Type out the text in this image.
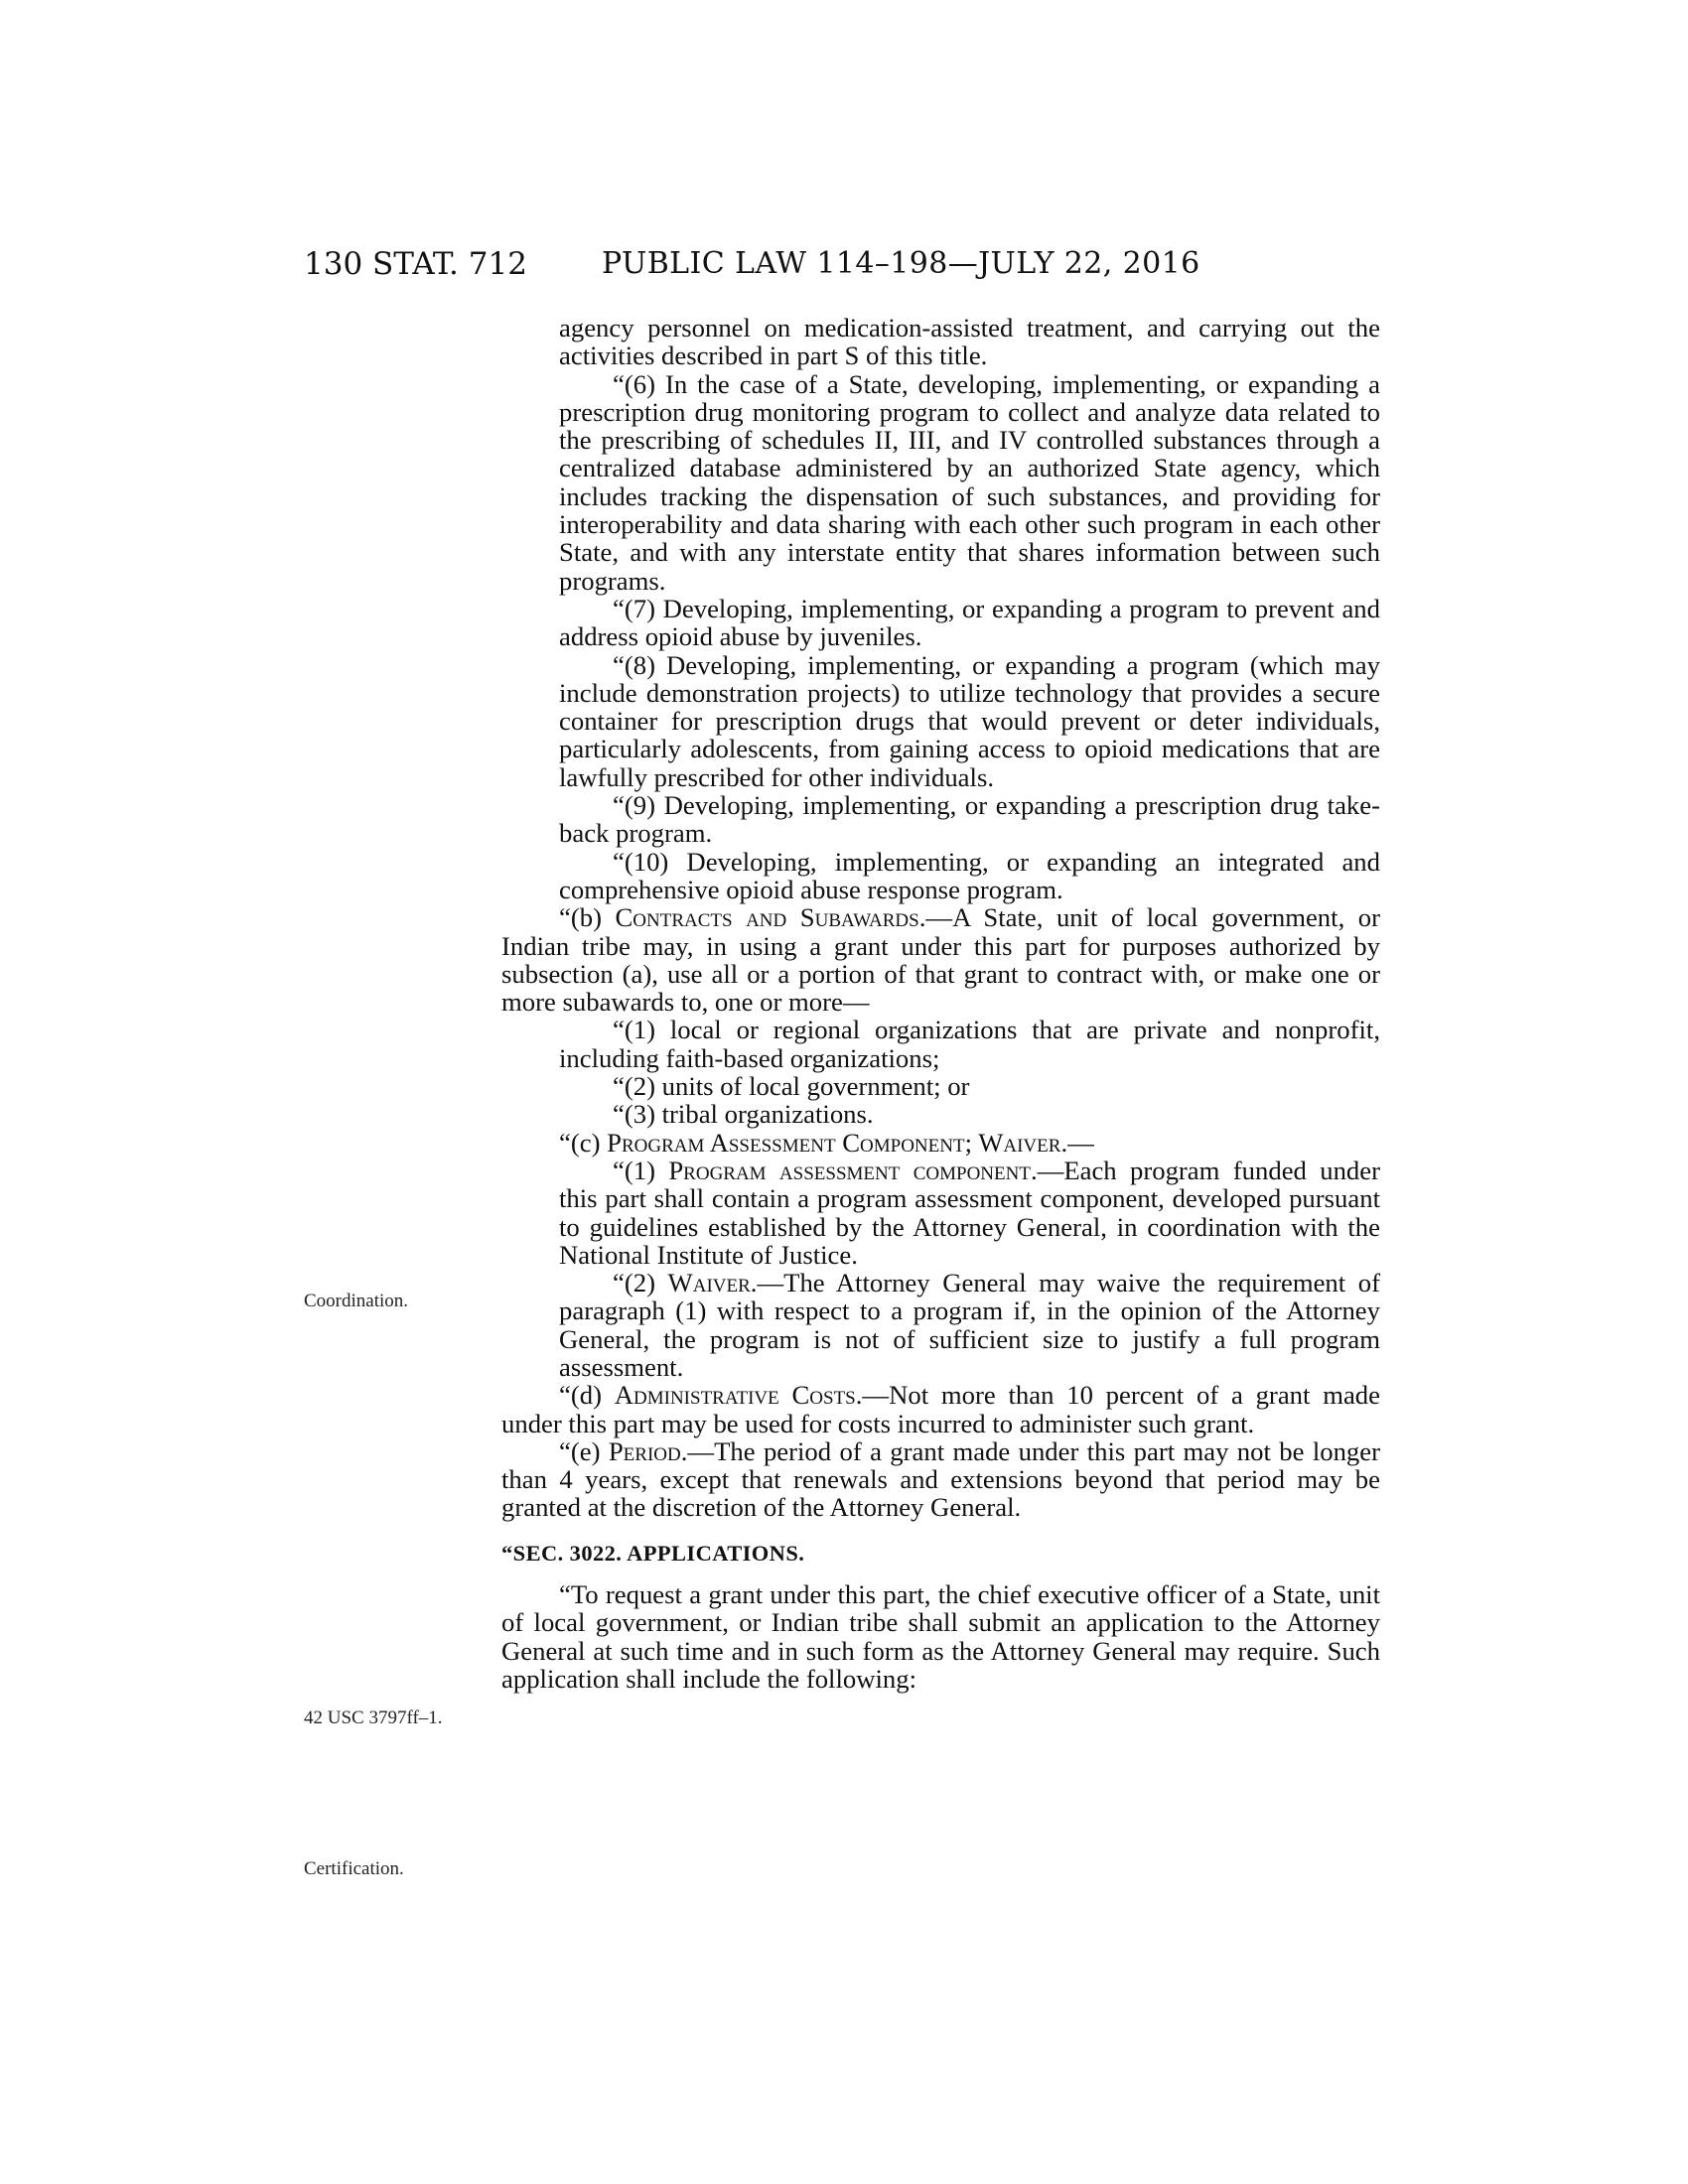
130 STAT. 712	PUBLIC LAW 114–198—JULY 22, 2016
Coordination.
42 USC 3797ff–1.
Certification.

agency personnel on medication-assisted treatment, and carrying out the activities described in part S of this title.

“(6) In the case of a State, developing, implementing, or expanding a prescription drug monitoring program to collect and analyze data related to the prescribing of schedules II, III, and IV controlled substances through a centralized database administered by an authorized State agency, which includes tracking the dispensation of such substances, and providing for interoperability and data sharing with each other such program in each other State, and with any interstate entity that shares information between such programs.

“(7) Developing, implementing, or expanding a program to prevent and address opioid abuse by juveniles.

“(8) Developing, implementing, or expanding a program (which may include demonstration projects) to utilize technology that provides a secure container for prescription drugs that would prevent or deter individuals, particularly adolescents, from gaining access to opioid medications that are lawfully prescribed for other individuals.

“(9) Developing, implementing, or expanding a prescription drug take-back program.

“(10) Developing, implementing, or expanding an integrated and comprehensive opioid abuse response program.

“(b) Contracts and Subawards.—A State, unit of local government, or Indian tribe may, in using a grant under this part for purposes authorized by subsection (a), use all or a portion of that grant to contract with, or make one or more subawards to, one or more—

“(1) local or regional organizations that are private and nonprofit, including faith-based organizations;

“(2) units of local government; or

“(3) tribal organizations.

“(c) Program Assessment Component; Waiver.—

“(1) Program assessment component.—Each program funded under this part shall contain a program assessment component, developed pursuant to guidelines established by the Attorney General, in coordination with the National Institute of Justice.

“(2) Waiver.—The Attorney General may waive the requirement of paragraph (1) with respect to a program if, in the opinion of the Attorney General, the program is not of sufficient size to justify a full program assessment.

“(d) Administrative Costs.—Not more than 10 percent of a grant made under this part may be used for costs incurred to administer such grant.

“(e) Period.—The period of a grant made under this part may not be longer than 4 years, except that renewals and extensions beyond that period may be granted at the discretion of the Attorney General.

“SEC. 3022. APPLICATIONS.

“To request a grant under this part, the chief executive officer of a State, unit of local government, or Indian tribe shall submit an application to the Attorney General at such time and in such form as the Attorney General may require. Such application shall include the following:
